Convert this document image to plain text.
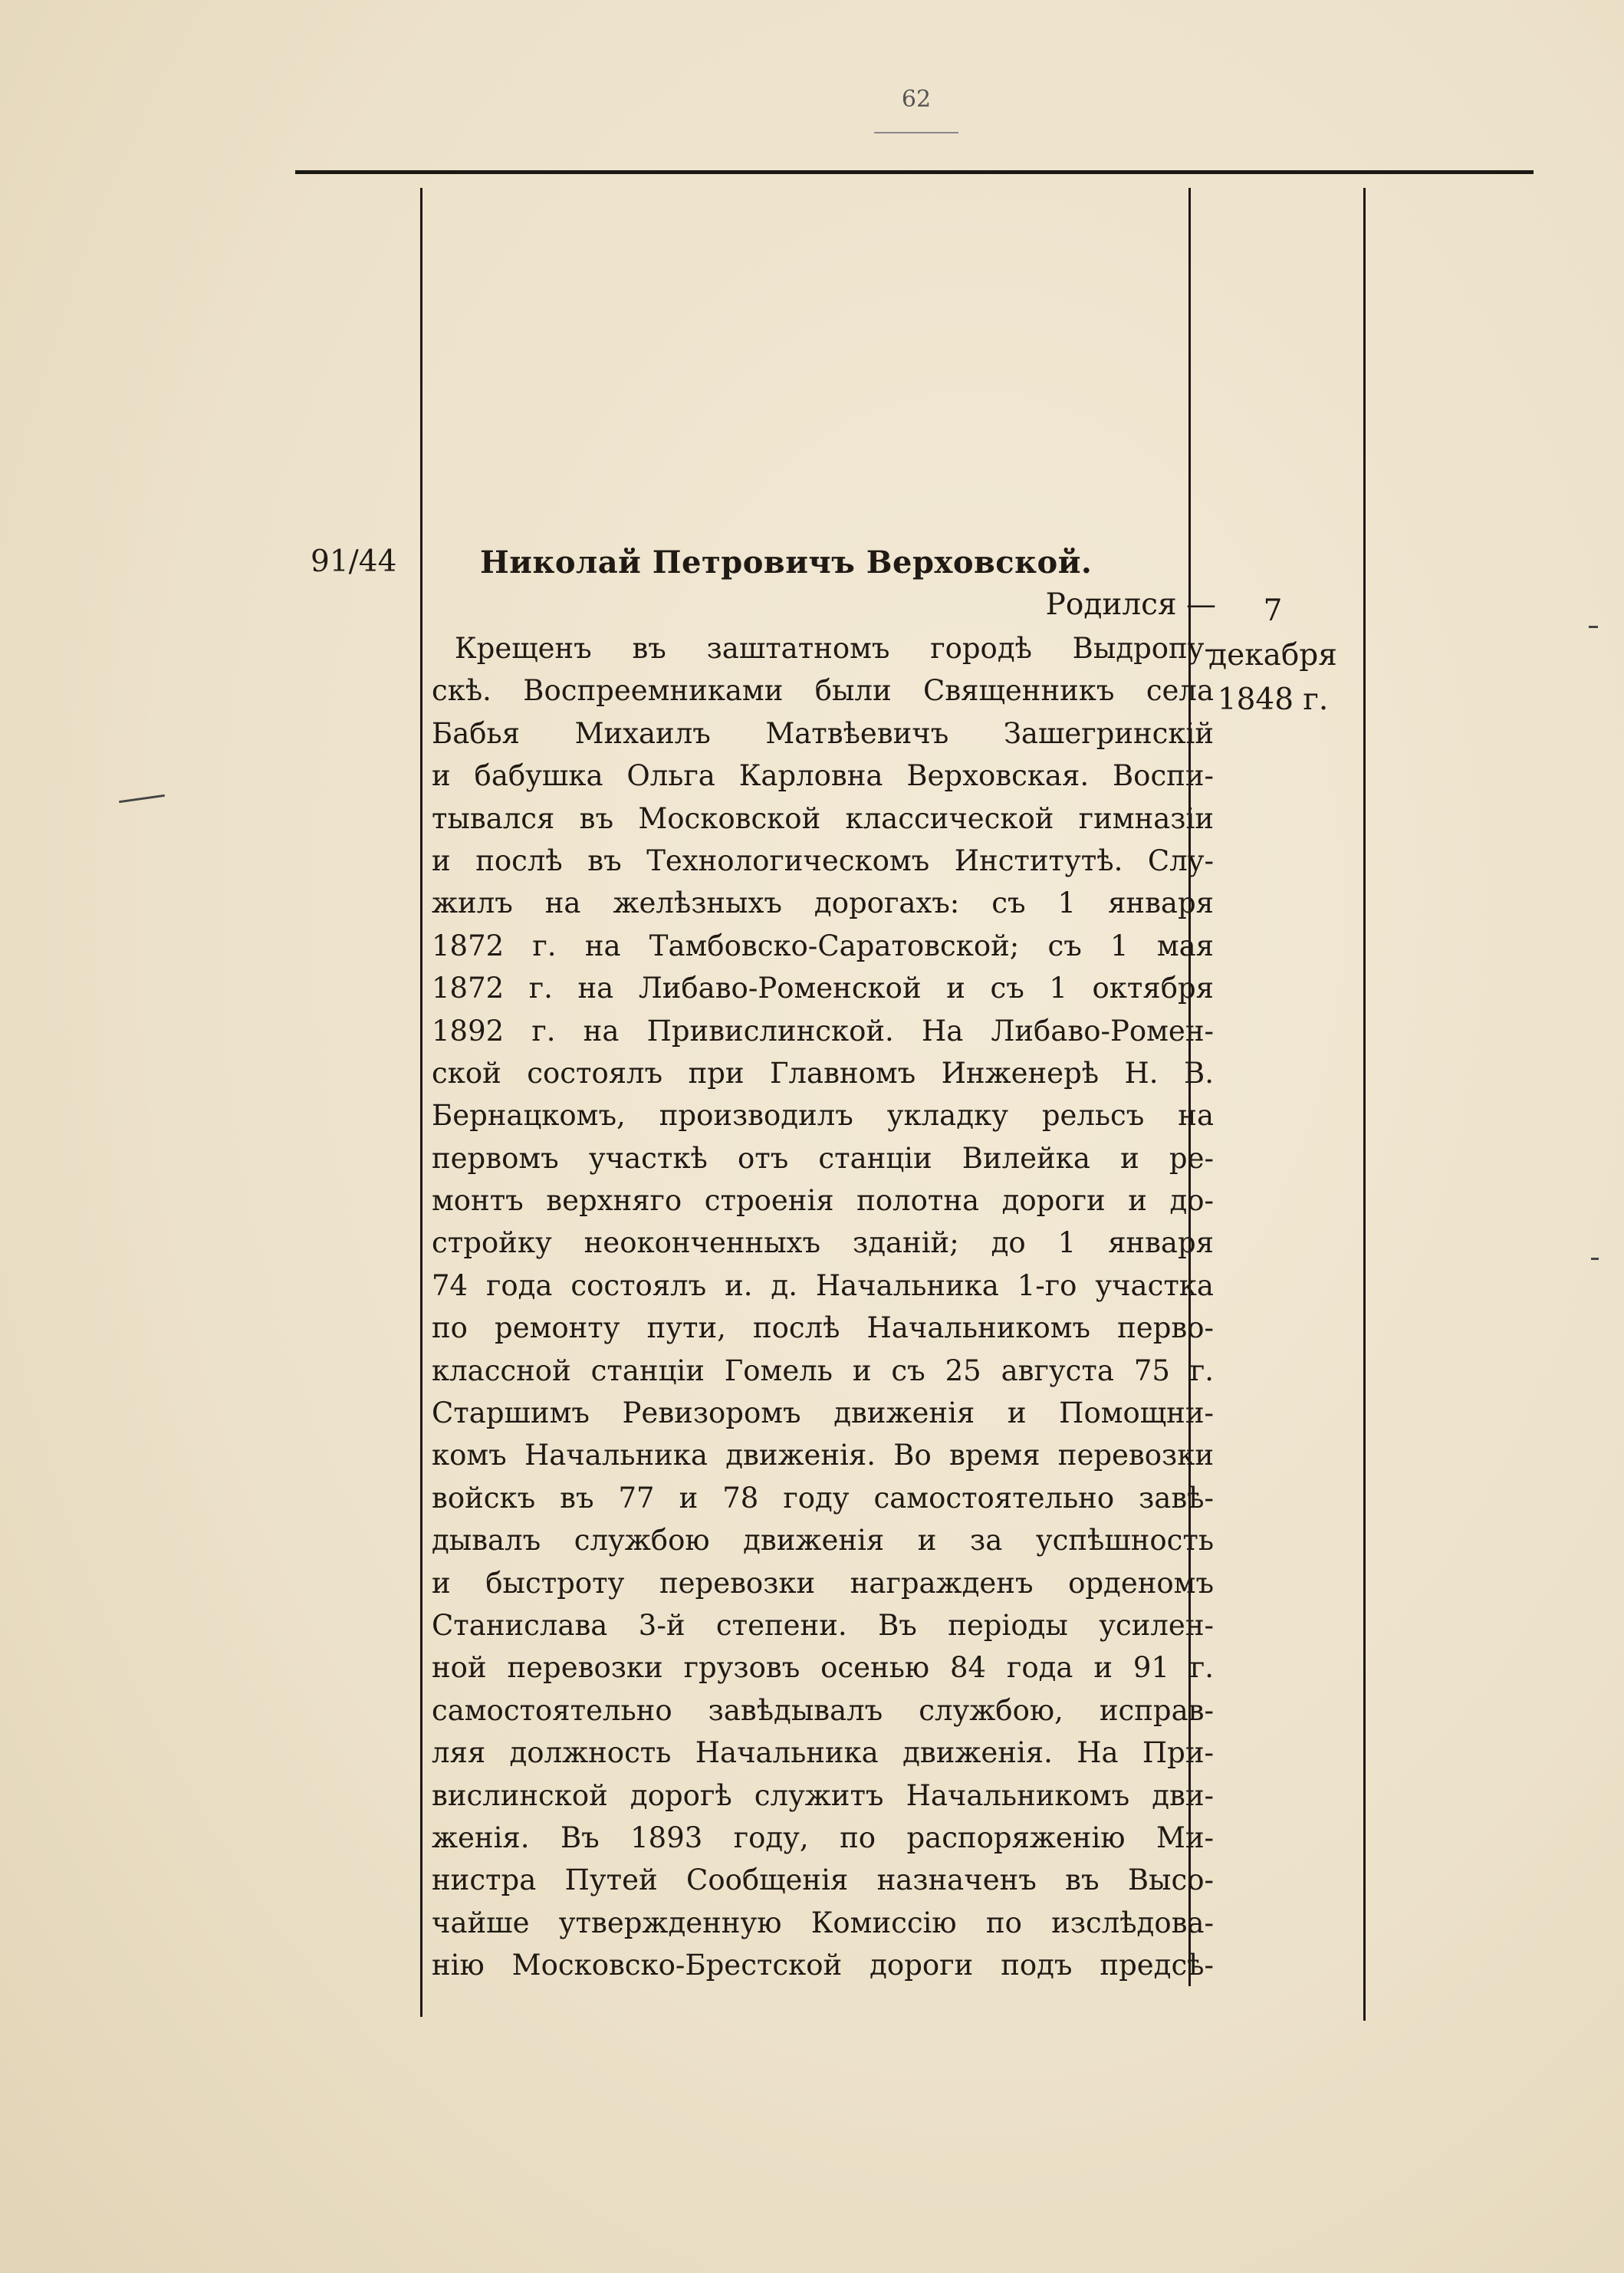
62
91/44	Николай Петровичъ Верховской.
Родился —	7 декабря
1848 г.
Крещенъ въ заштатномъ городѣ Выдропу-
скѣ. Воспреемниками были Священникъ села
Бабья Михаилъ Матвѣевичъ Зашегринскій
и бабушка Ольга Карловна Верховская. Воспи-
тывался въ Московской классической гимназіи
и послѣ въ Технологическомъ Институтѣ. Слу-
жилъ на желѣзныхъ дорогахъ: съ 1 января
1872 г. на Тамбовско-Саратовской; съ 1 мая
1872 г. на Либаво-Роменской и съ 1 октября
1892 г. на Привислинской. На Либаво-Ромен-
ской состоялъ при Главномъ Инженерѣ Н. В.
Бернацкомъ, производилъ укладку рельсъ на
первомъ участкѣ отъ станціи Вилейка и ре-
монтъ верхняго строенія полотна дороги и до-
стройку неоконченныхъ зданій; до 1 января
74 года состоялъ и. д. Начальника 1-го участка
по ремонту пути, послѣ Начальникомъ перво-
классной станціи Гомель и съ 25 августа 75 г.
Старшимъ Ревизоромъ движенія и Помощни-
комъ Начальника движенія. Во время перевозки
войскъ въ 77 и 78 году самостоятельно завѣ-
дывалъ службою движенія и за успѣшность
и быстроту перевозки награжденъ орденомъ
Станислава 3-й степени. Въ періоды усилен-
ной перевозки грузовъ осенью 84 года и 91 г.
самостоятельно завѣдывалъ службою, исправ-
ляя должность Начальника движенія. На При-
вислинской дорогѣ служитъ Начальникомъ дви-
женія. Въ 1893 году, по распоряженію Ми-
нистра Путей Сообщенія назначенъ въ Высо-
чайше утвержденную Комиссію по изслѣдова-
нію Московско-Брестской дороги подъ предсѣ-
